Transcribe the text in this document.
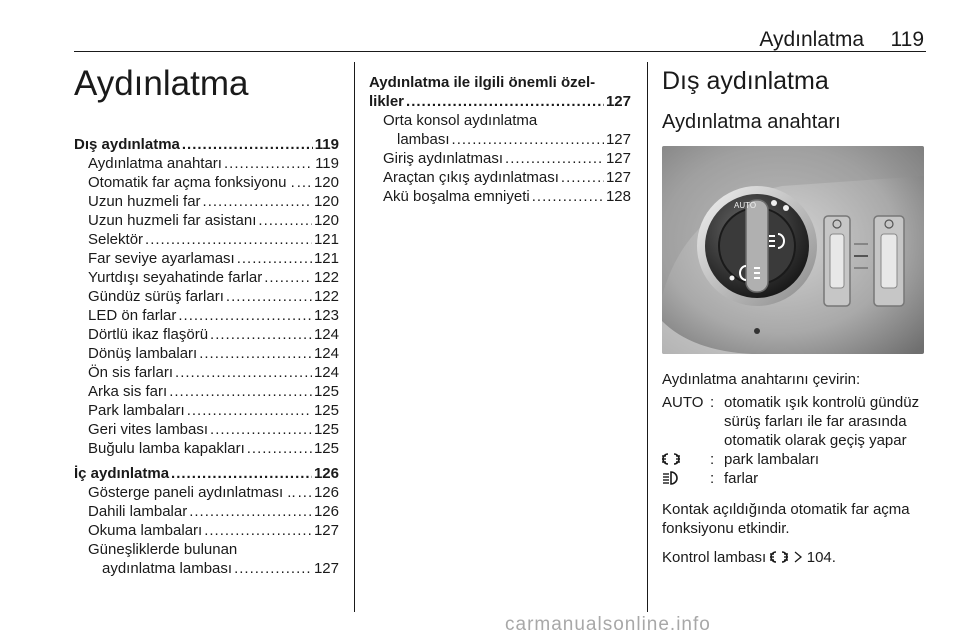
Aydınlatma 119
Aydınlatma
Dış aydınlatma .....	119
Aydınlatma anahtarı .....	119
Otomatik far açma fonksiyonu . ..... 120
Uzun huzmeli far .....	120
Uzun huzmeli far asistanı .....	120
Selektör .....	121
Far seviye ayarlaması .....	121
Yurtdışı seyahatinde farlar .....	122
Gündüz sürüş farları .....	122
LED ön farlar .....	123
Dörtlü ikaz flaşörü .....	124
Dönüş lambaları .....	124
Ön sis farları .....	124
Arka sis farı .....	125
Park lambaları .....	125
Geri vites lambası .....	125
Buğulu lamba kapakları .....	125
İç aydınlatma .....	126
Gösterge paneli aydınlatması .. ..... 126
Dahili lambalar .....	126
Okuma lambaları .....	127
Güneşliklerde bulunan
aydınlatma lambası .....	127
Aydınlatma ile ilgili önemli özel-
likler .....	127
Orta konsol aydınlatma
lambası .....	127
Giriş aydınlatması .....	127
Araçtan çıkış aydınlatması .....	127
Akü boşalma emniyeti .....	128
Dış aydınlatma
Aydınlatma anahtarı
AUTO

Aydınlatma anahtarını çevirin:

AUTO : otomatik ışık kontrolü gündüz sürüş farları ile far arasında otomatik olarak geçiş yapar
: park lambaları
: farlar

Kontak açıldığında otomatik far açma fonksiyonu etkindir.

Kontrol lambası	104.

carmanualsonline.info
